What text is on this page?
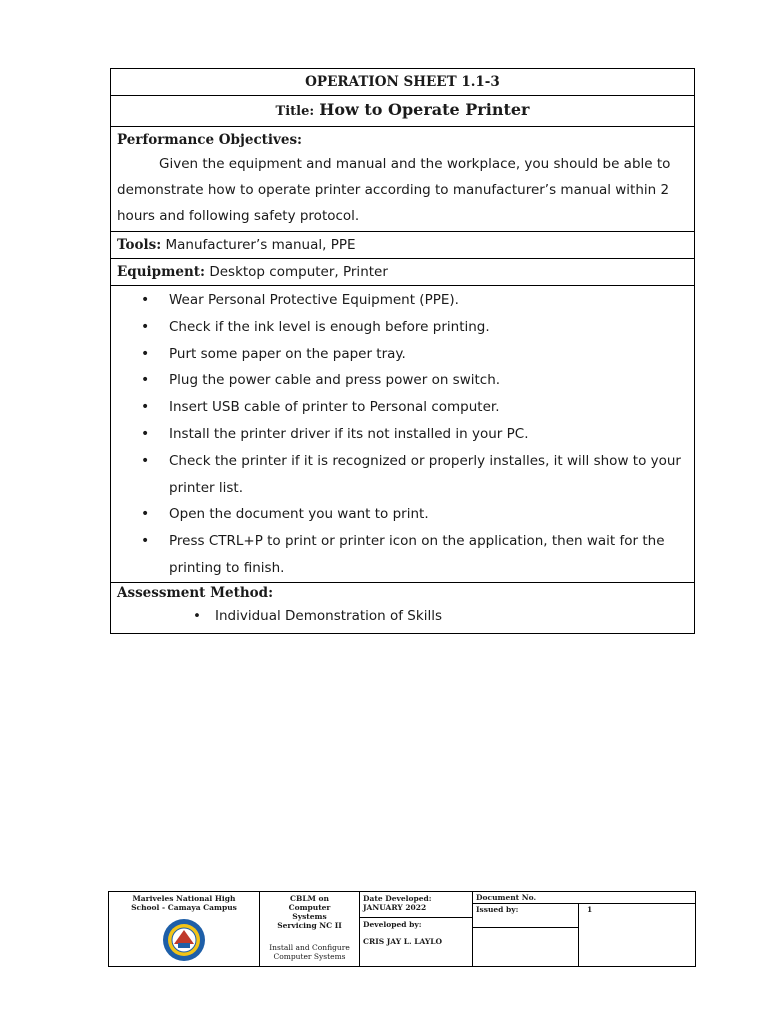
OPERATION SHEET 1.1-3
Title: How to Operate Printer

Performance Objectives:

Given the equipment and manual and the workplace, you should be able to demonstrate how to operate printer according to manufacturer’s manual within 2 hours and following safety protocol.

Tools: Manufacturer’s manual, PPE
Equipment: Desktop computer, Printer

• Wear Personal Protective Equipment (PPE).
• Check if the ink level is enough before printing.
• Purt some paper on the paper tray.
• Plug the power cable and press power on switch.
• Insert USB cable of printer to Personal computer.
• Install the printer driver if its not installed in your PC.
• Check the printer if it is recognized or properly installes, it will show to your printer list.
• Open the document you want to print.
• Press CTRL+P to print or printer icon on the application, then wait for the printing to finish.

Assessment Method:
• Individual Demonstration of Skills
Mariveles National High
School - Camaya Campus

CBLM on
Computer
Systems
Servicing NC II
Install and Configure
Computer Systems

Date Developed:
JANUARY 2022
Developed by:
CRIS JAY L. LAYLO

Document No.
Issued by:	1
